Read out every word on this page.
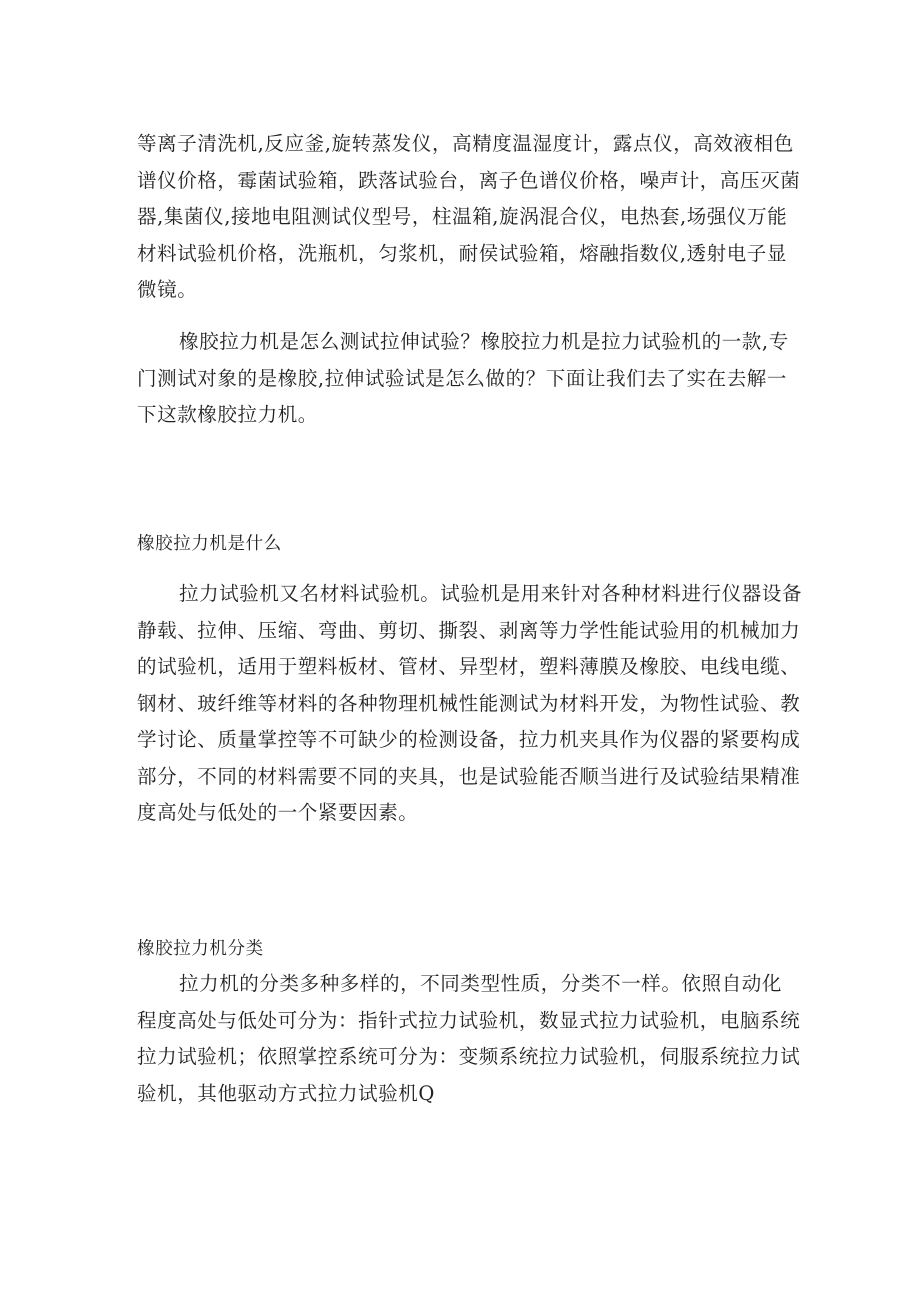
等离子清洗机,反应釜,旋转蒸发仪，高精度温湿度计，露点仪，高效液相色
谱仪价格，霉菌试验箱，跌落试验台，离子色谱仪价格，噪声计，高压灭菌
器,集菌仪,接地电阻测试仪型号，柱温箱,旋涡混合仪，电热套,场强仪万能
材料试验机价格，洗瓶机，匀浆机，耐侯试验箱，熔融指数仪,透射电子显
微镜。
橡胶拉力机是怎么测试拉伸试验？橡胶拉力机是拉力试验机的一款,专
门测试对象的是橡胶,拉伸试验试是怎么做的？下面让我们去了实在去解一
下这款橡胶拉力机。
橡胶拉力机是什么
拉力试验机又名材料试验机。试验机是用来针对各种材料进行仪器设备
静载、拉伸、压缩、弯曲、剪切、撕裂、剥离等力学性能试验用的机械加力
的试验机，适用于塑料板材、管材、异型材，塑料薄膜及橡胶、电线电缆、
钢材、玻纤维等材料的各种物理机械性能测试为材料开发，为物性试验、教
学讨论、质量掌控等不可缺少的检测设备，拉力机夹具作为仪器的紧要构成
部分，不同的材料需要不同的夹具，也是试验能否顺当进行及试验结果精准
度高处与低处的一个紧要因素。
橡胶拉力机分类
拉力机的分类多种多样的，不同类型性质，分类不一样。依照自动化
程度高处与低处可分为：指针式拉力试验机，数显式拉力试验机，电脑系统
拉力试验机；依照掌控系统可分为：变频系统拉力试验机，伺服系统拉力试
验机，其他驱动方式拉力试验机Q
